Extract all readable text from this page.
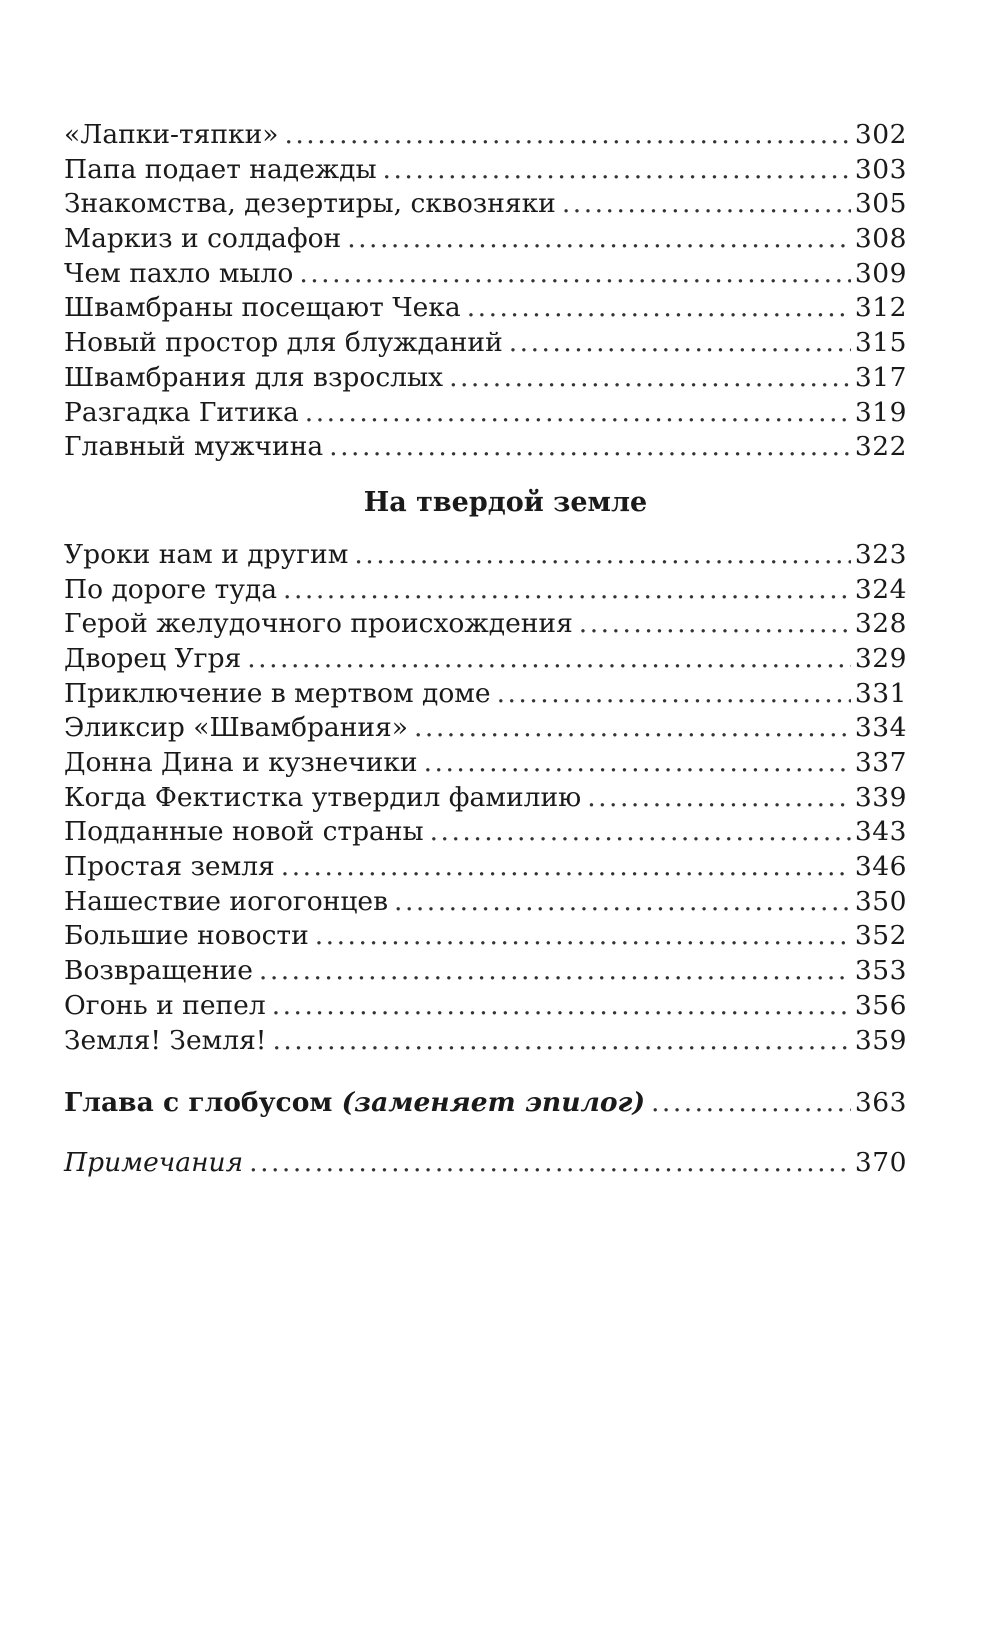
«Лапки-тяпки» .....	302
Папа подает надежды .....	303
Знакомства, дезертиры, сквозняки .....	305
Маркиз и солдафон .....	308
Чем пахло мыло .....	309
Швамбраны посещают Чека .....	312
Новый простор для блужданий .....	315
Швамбрания для взрослых .....	317
Разгадка Гитика .....	319
Главный мужчина .....	322
На твердой земле
Уроки нам и другим .....	323
По дороге туда .....	324
Герой желудочного происхождения .....	328
Дворец Угря .....	329
Приключение в мертвом доме .....	331
Эликсир «Швамбрания» .....	334
Донна Дина и кузнечики .....	337
Когда Фектистка утвердил фамилию .....	339
Подданные новой страны .....	343
Простая земля .....	346
Нашествие иогогонцев .....	350
Большие новости .....	352
Возвращение .....	353
Огонь и пепел .....	356
Земля! Земля! .....	359
Глава с глобусом (заменяет эпилог) .....	363
Примечания .....	370
